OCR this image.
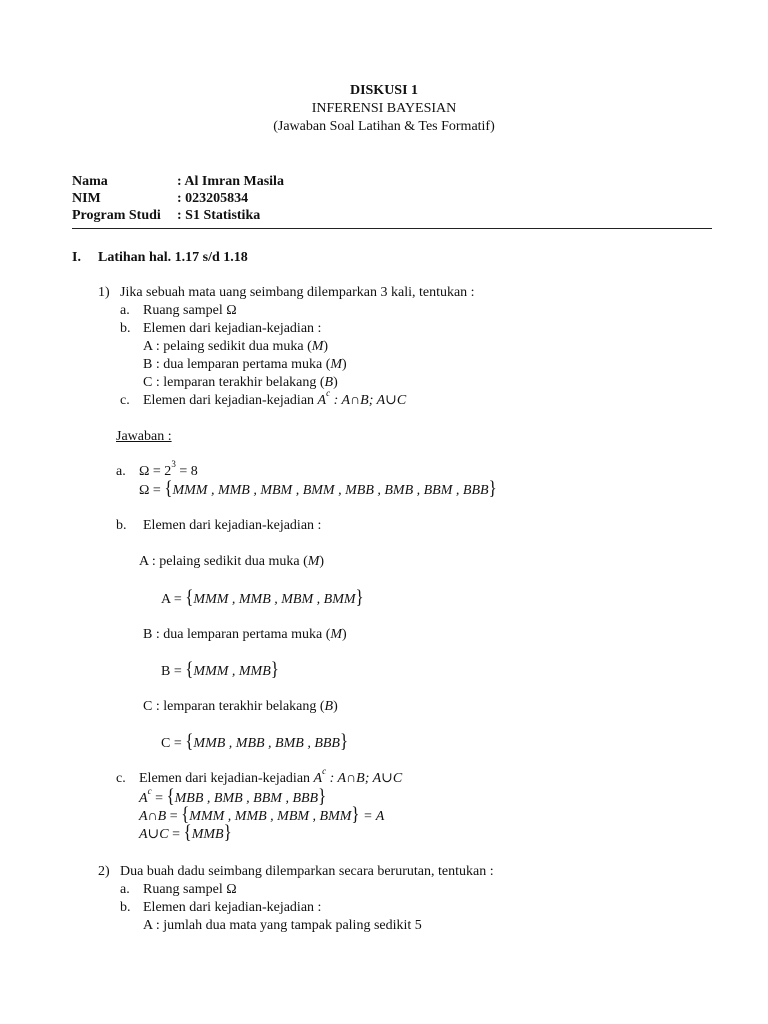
DISKUSI 1
INFERENSI BAYESIAN
(Jawaban Soal Latihan & Tes Formatif)
Nama	: Al Imran Masila
NIM	: 023205834
Program Studi : S1 Statistika
I. Latihan hal. 1.17 s/d 1.18
1) Jika sebuah mata uang seimbang dilemparkan 3 kali, tentukan :
a. Ruang sampel Ω
b. Elemen dari kejadian-kejadian :
A : pelaing sedikit dua muka (M)
B : dua lemparan pertama muka (M)
C : lemparan terakhir belakang (B)
c. Elemen dari kejadian-kejadian $A^c$ : A∩B; A∪C
Jawaban :
a. $\Omega = 2^3 = 8$
Ω = {MMM , MMB , MBM , BMM , MBB , BMB , BBM , BBB}
b. Elemen dari kejadian-kejadian :
A : pelaing sedikit dua muka (M)
A = {MMM , MMB , MBM , BMM}
B : dua lemparan pertama muka (M)
B = {MMM , MMB}
C : lemparan terakhir belakang (B)
C = {MMB , MBB , BMB , BBB}
c. Elemen dari kejadian-kejadian $A^c$ : A∩B; A∪C
$A^c = \{MBB$ , BMB , BBM , BBB}
A∩B = {MMM , MMB , MBM , BMM} = A
A∪C = {MMB}
2) Dua buah dadu seimbang dilemparkan secara berurutan, tentukan :
a. Ruang sampel Ω
b. Elemen dari kejadian-kejadian :
A : jumlah dua mata yang tampak paling sedikit 5
